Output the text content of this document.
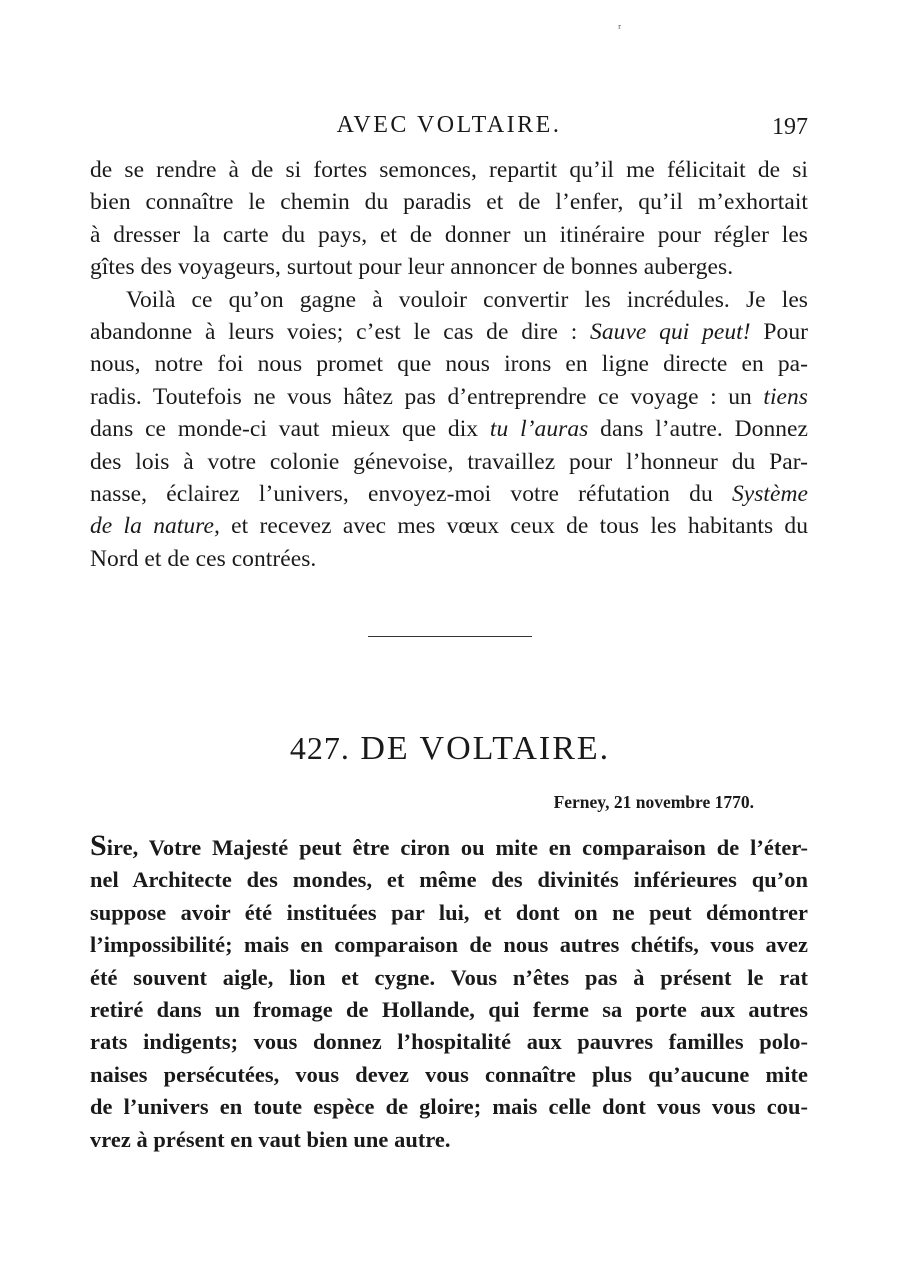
ʳ
AVEC VOLTAIRE.	197
de se rendre à de si fortes semonces, repartit qu’il me félicitait de si
bien connaître le chemin du paradis et de l’enfer, qu’il m’exhortait
à dresser la carte du pays, et de donner un itinéraire pour régler les
gîtes des voyageurs, surtout pour leur annoncer de bonnes auberges.
Voilà ce qu’on gagne à vouloir convertir les incrédules. Je les
abandonne à leurs voies; c’est le cas de dire : Sauve qui peut! Pour
nous, notre foi nous promet que nous irons en ligne directe en pa-
radis. Toutefois ne vous hâtez pas d’entreprendre ce voyage : un tiens
dans ce monde-ci vaut mieux que dix tu l’auras dans l’autre. Donnez
des lois à votre colonie génevoise, travaillez pour l’honneur du Par-
nasse, éclairez l’univers, envoyez-moi votre réfutation du Système
de la nature, et recevez avec mes vœux ceux de tous les habitants du
Nord et de ces contrées.
427. DE VOLTAIRE.
Ferney, 21 novembre 1770.
Sire, Votre Majesté peut être ciron ou mite en comparaison de l’éter-
nel Architecte des mondes, et même des divinités inférieures qu’on
suppose avoir été instituées par lui, et dont on ne peut démontrer
l’impossibilité; mais en comparaison de nous autres chétifs, vous avez
été souvent aigle, lion et cygne. Vous n’êtes pas à présent le rat
retiré dans un fromage de Hollande, qui ferme sa porte aux autres
rats indigents; vous donnez l’hospitalité aux pauvres familles polo-
naises persécutées, vous devez vous connaître plus qu’aucune mite
de l’univers en toute espèce de gloire; mais celle dont vous vous cou-
vrez à présent en vaut bien une autre.
